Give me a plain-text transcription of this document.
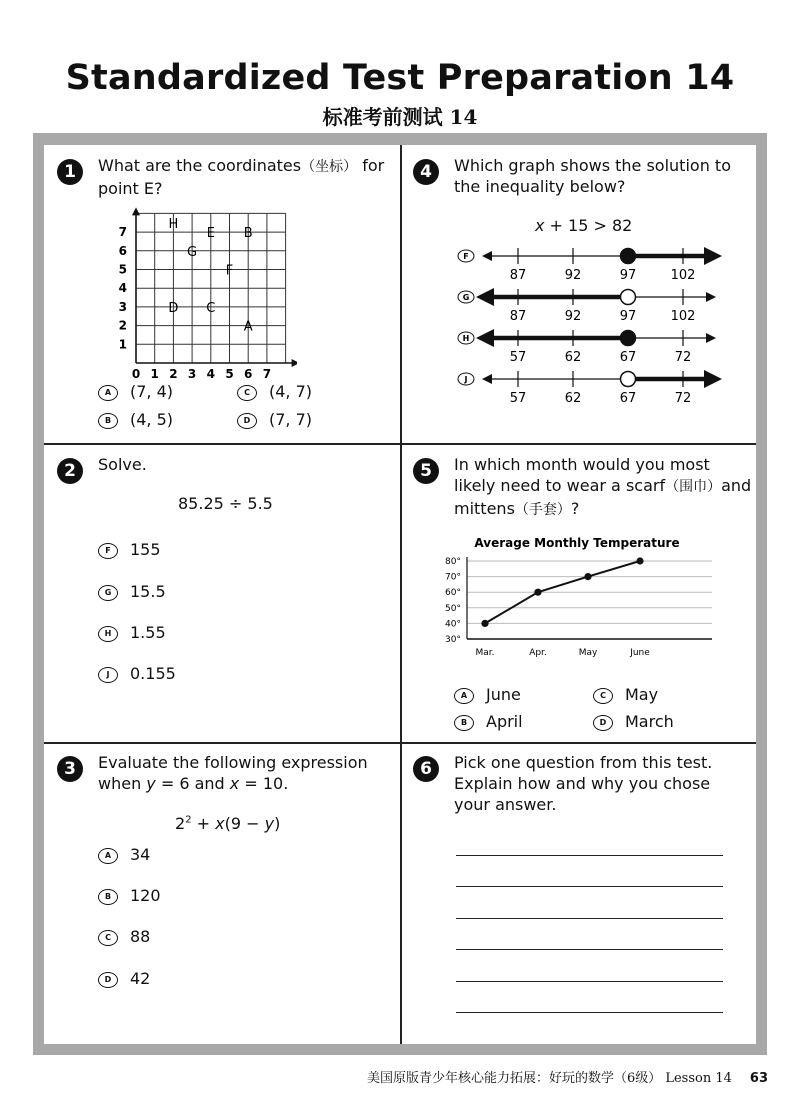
Standardized Test Preparation 14
标准考前测试 14
1	What are the coordinates（坐标） for
point E?
0 1 2 3 4 5 6 7
1
2
3
4
5
6
7
H
E B
G
F
D C
A
A (7, 4)	C (4, 7)
B (4, 5)	D (7, 7)
4	Which graph shows the solution to
the inequality below?
x + 15 > 82
F
87	92	97	102
G
87	92	97	102
H
57	62	67	72
J
57	62	67	72
2	Solve.
85.25 ÷ 5.5
F 155
G 15.5
H 1.55
J 0.155
5	In which month would you most
likely need to wear a scarf（围巾）and
mittens（手套）?
Average Monthly Temperature
80°
70°
60°
50°
40°
30°
Mar.	Apr.	May	June
A June	C May
B April	D March
3	Evaluate the following expression
when y = 6 and x = 10.
$2^2 + x(9 - y)$
A 34
B 120
C 88
D 42
6	Pick one question from this test.
Explain how and why you chose
your answer.
美国原版青少年核心能力拓展：好玩的数学（6级） Lesson 14 63
